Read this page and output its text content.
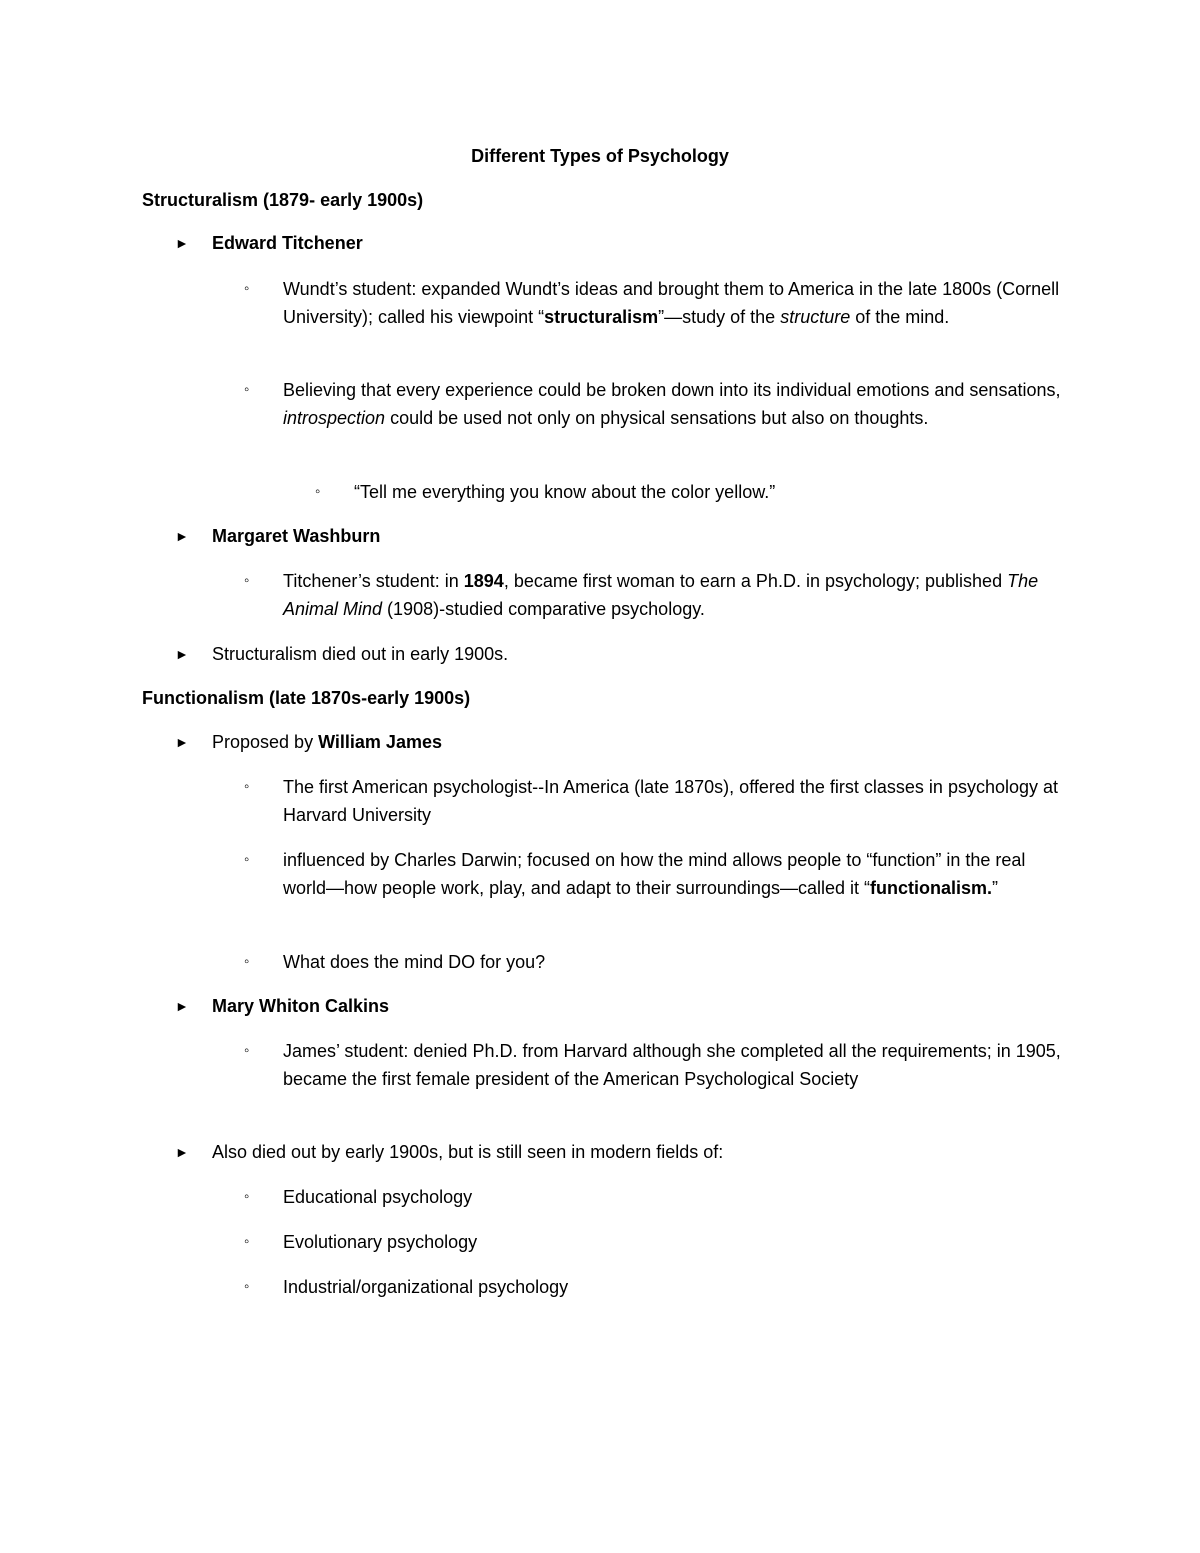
Different Types of Psychology
Structuralism (1879- early 1900s)
► Edward Titchener
◦ Wundt’s student: expanded Wundt’s ideas and brought them to America in the late 1800s (Cornell University); called his viewpoint “structuralism”—study of the structure of the mind.
◦ Believing that every experience could be broken down into its individual emotions and sensations, introspection could be used not only on physical sensations but also on thoughts.
◦ “Tell me everything you know about the color yellow.”
► Margaret Washburn
◦ Titchener’s student: in 1894, became first woman to earn a Ph.D. in psychology; published The Animal Mind (1908)-studied comparative psychology.
► Structuralism died out in early 1900s.
Functionalism (late 1870s-early 1900s)
► Proposed by William James
◦ The first American psychologist--In America (late 1870s), offered the first classes in psychology at Harvard University
◦ influenced by Charles Darwin; focused on how the mind allows people to “function” in the real world—how people work, play, and adapt to their surroundings—called it “functionalism.”
◦ What does the mind DO for you?
► Mary Whiton Calkins
◦ James’ student: denied Ph.D. from Harvard although she completed all the requirements; in 1905, became the first female president of the American Psychological Society
► Also died out by early 1900s, but is still seen in modern fields of:
◦ Educational psychology
◦ Evolutionary psychology
◦ Industrial/organizational psychology
